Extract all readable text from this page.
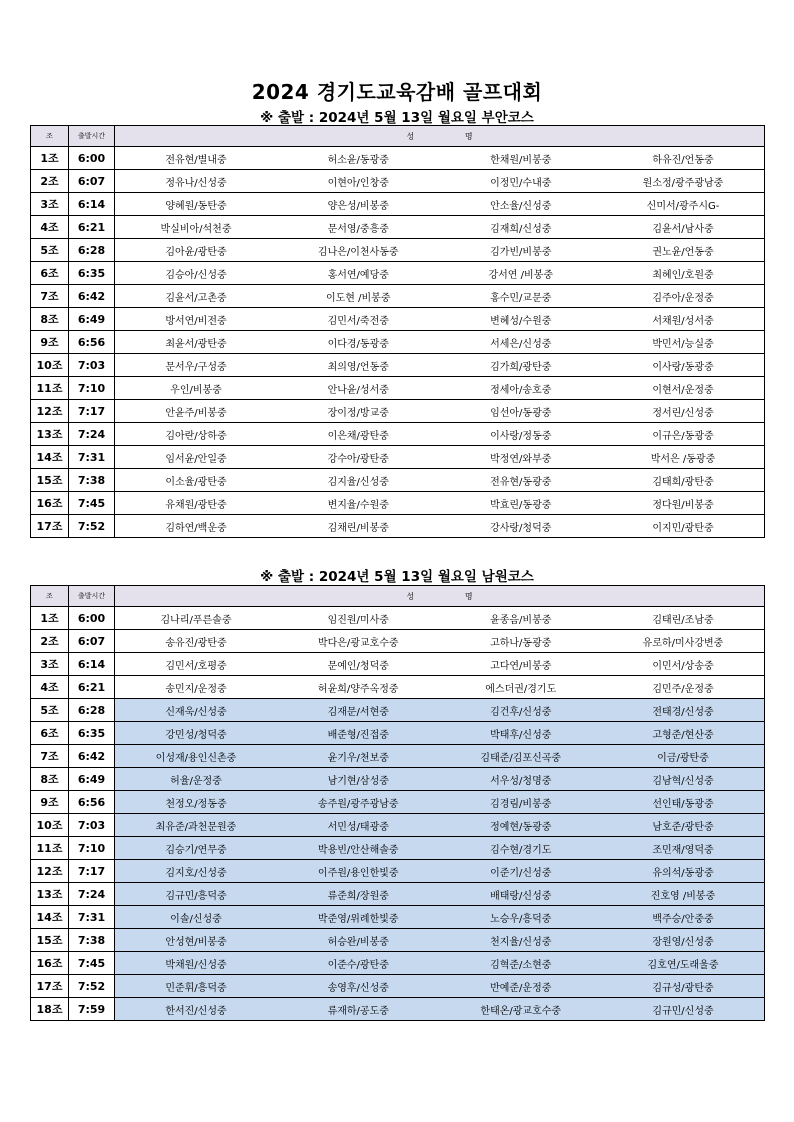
2024 경기도교육감배 골프대회
※ 출발 : 2024년 5월 13일 월요일 부안코스
조	출발시간	성                    명			
1조	6:00	전유현/별내중	허소윤/동광중	한채원/비봉중	하유진/언동중
2조	6:07	정유나/신성중	이현아/인창중	이정민/수내중	원소정/광주광남중
3조	6:14	양혜원/동탄중	양은성/비봉중	안소율/신성중	신미서/광주시G-
4조	6:21	박실비아/석천중	문서영/중흥중	김재희/신성중	김윤서/남사중
5조	6:28	김아윤/광탄중	김나은/이천사동중	김가빈/비봉중	권노윤/언동중
6조	6:35	김승아/신성중	홍서연/예당중	강서연 /비봉중	최혜인/호원중
7조	6:42	김윤서/고촌중	이도현 /비봉중	홍수민/교문중	김주아/운정중
8조	6:49	방서연/비전중	김민서/죽전중	변혜성/수원중	서채원/성서중
9조	6:56	최윤서/광탄중	이다경/동광중	서세은/신성중	박민서/능실중
10조	7:03	문서우/구성중	최의영/언동중	김가희/광탄중	이사랑/동광중
11조	7:10	우인/비봉중	안나윤/성서중	정세아/송호중	이현서/운정중
12조	7:17	안윤주/비봉중	장이정/방교중	임선아/동광중	정서린/신성중
13조	7:24	김아란/상하중	이은채/광탄중	이사랑/정동중	이규은/동광중
14조	7:31	임서윤/안일중	강수아/광탄중	박정연/와부중	박서은 /동광중
15조	7:38	이소율/광탄중	김지율/신성중	전유현/동광중	김태희/광탄중
16조	7:45	유채원/광탄중	변지율/수원중	박효린/동광중	정다원/비봉중
17조	7:52	김하연/백운중	김채린/비봉중	강사랑/청덕중	이지민/광탄중
※ 출발 : 2024년 5월 13일 월요일 남원코스
조	출발시간	성                    명			
1조	6:00	김나리/푸른솔중	임진원/미사중	윤종음/비봉중	김태린/조남중
2조	6:07	송유진/광탄중	박다은/광교호수중	고하나/동광중	유로하/미사강변중
3조	6:14	김민서/호평중	문예인/청덕중	고다연/비봉중	이민서/상송중
4조	6:21	송민지/운정중	허윤희/양주옥정중	에스더권/경기도	김민주/운정중
5조	6:28	신재욱/신성중	김재문/서현중	김건후/신성중	전태경/신성중
6조	6:35	강민성/청덕중	배준형/진접중	박태후/신성중	고형준/현산중
7조	6:42	이성재/용인신촌중	윤기우/천보중	김태준/김포신곡중	이금/광탄중
8조	6:49	허율/운정중	남기현/삼성중	서우성/청명중	김남혁/신성중
9조	6:56	천정오/정동중	송주원/광주광남중	김경림/비봉중	선인태/동광중
10조	7:03	최유준/과천문원중	서민성/태광중	정예현/동광중	남호준/광탄중
11조	7:10	김승기/연무중	박용빈/안산해솔중	김수현/경기도	조민재/영덕중
12조	7:17	김지호/신성중	이주원/용인한빛중	이준기/신성중	유의석/동광중
13조	7:24	김규민/흥덕중	류준희/장원중	배태랑/신성중	진호영 /비봉중
14조	7:31	이솔/신성중	박준영/위례한빛중	노승우/흥덕중	백주승/안중중
15조	7:38	안성현/비봉중	허승완/비봉중	천지율/신성중	장원영/신성중
16조	7:45	박채원/신성중	이준수/광탄중	김혁준/소현중	김호연/도래울중
17조	7:52	민준휘/흥덕중	송영후/신성중	반예준/운정중	김규성/광탄중
18조	7:59	한서진/신성중	류재하/공도중	한태온/광교호수중	김규민/신성중
